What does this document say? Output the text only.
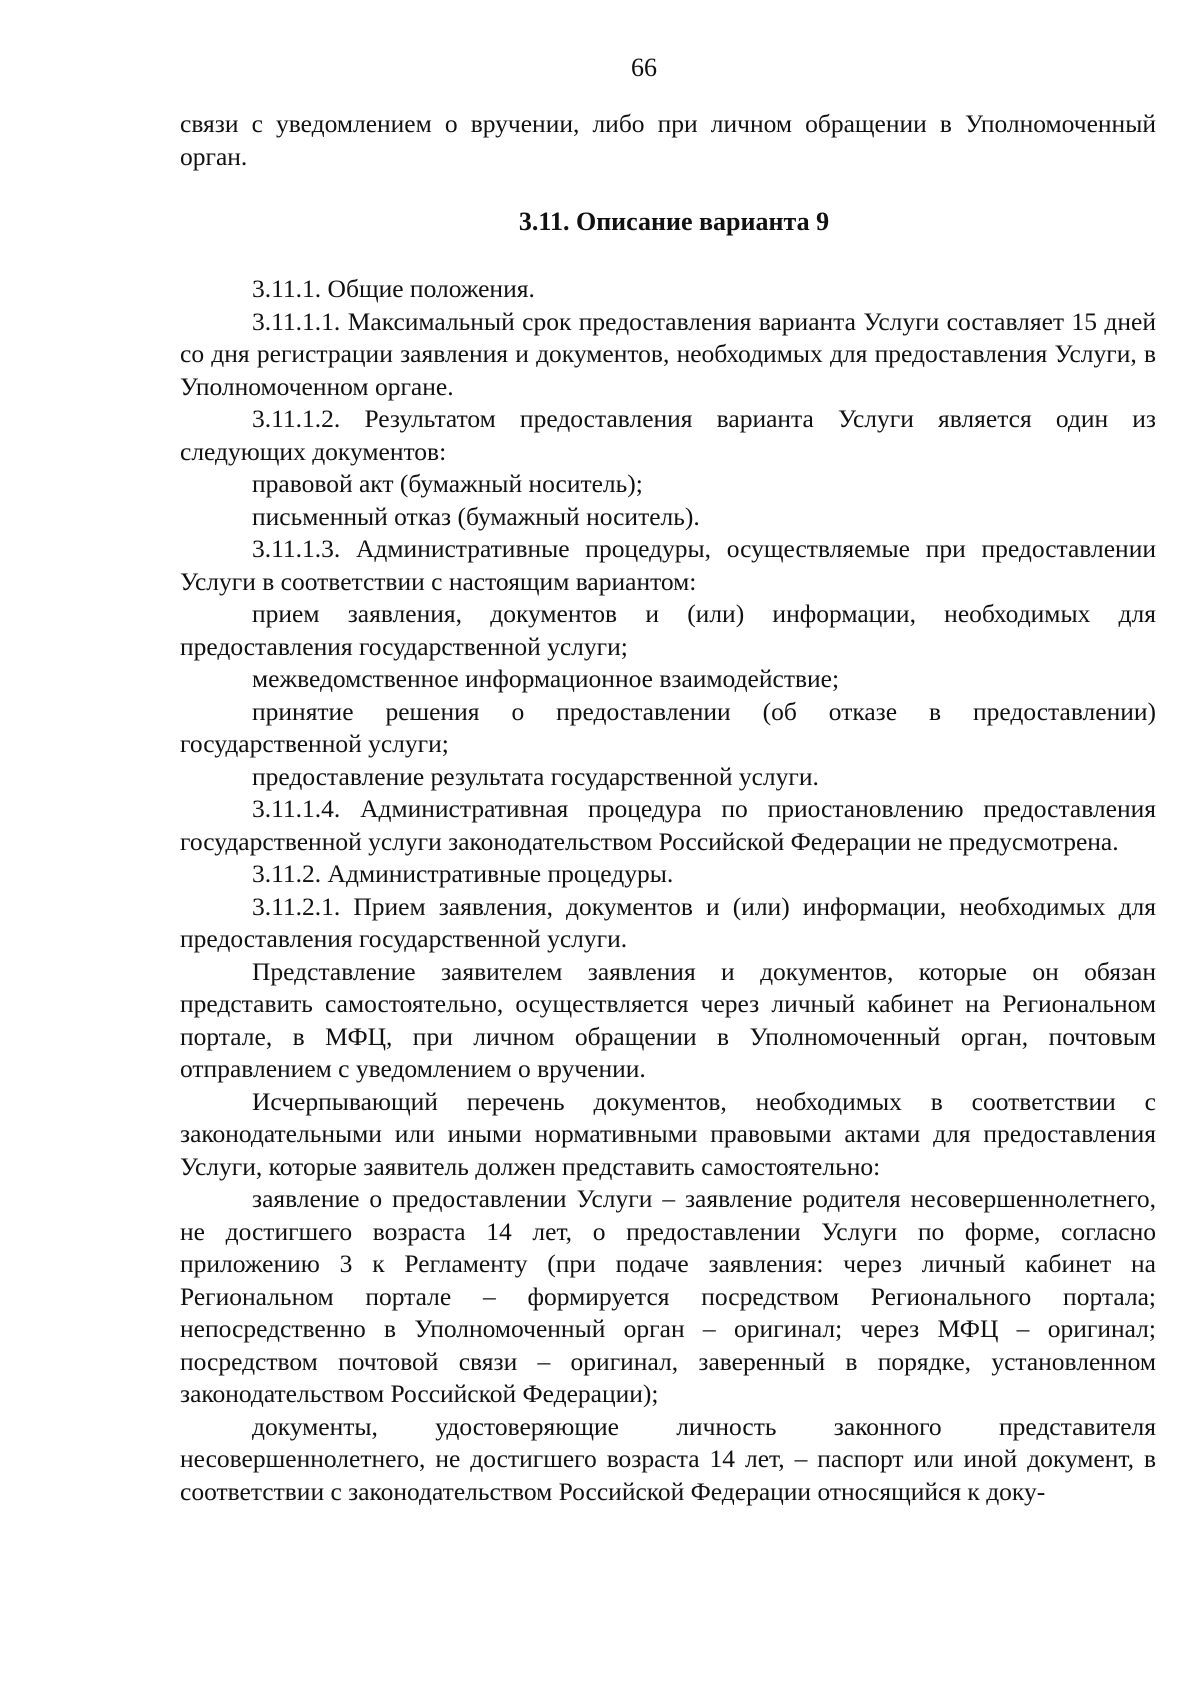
66

связи с уведомлением о вручении, либо при личном обращении в Уполномоченный орган.

3.11. Описание варианта 9

3.11.1. Общие положения.

3.11.1.1. Максимальный срок предоставления варианта Услуги составляет 15 дней со дня регистрации заявления и документов, необходимых для предоставления Услуги, в Уполномоченном органе.

3.11.1.2. Результатом предоставления варианта Услуги является один из следующих документов:

правовой акт (бумажный носитель);

письменный отказ (бумажный носитель).

3.11.1.3. Административные процедуры, осуществляемые при предоставлении Услуги в соответствии с настоящим вариантом:

прием заявления, документов и (или) информации, необходимых для предоставления государственной услуги;

межведомственное информационное взаимодействие;

принятие решения о предоставлении (об отказе в предоставлении) государственной услуги;

предоставление результата государственной услуги.

3.11.1.4. Административная процедура по приостановлению предоставления государственной услуги законодательством Российской Федерации не предусмотрена.

3.11.2. Административные процедуры.

3.11.2.1. Прием заявления, документов и (или) информации, необходимых для предоставления государственной услуги.

Представление заявителем заявления и документов, которые он обязан представить самостоятельно, осуществляется через личный кабинет на Региональном портале, в МФЦ, при личном обращении в Уполномоченный орган, почтовым отправлением с уведомлением о вручении.

Исчерпывающий перечень документов, необходимых в соответствии с законодательными или иными нормативными правовыми актами для предоставления Услуги, которые заявитель должен представить самостоятельно:

заявление о предоставлении Услуги – заявление родителя несовершеннолетнего, не достигшего возраста 14 лет, о предоставлении Услуги по форме, согласно приложению 3 к Регламенту (при подаче заявления: через личный кабинет на Региональном портале – формируется посредством Регионального портала; непосредственно в Уполномоченный орган – оригинал; через МФЦ – оригинал; посредством почтовой связи – оригинал, заверенный в порядке, установленном законодательством Российской Федерации);

документы, удостоверяющие личность законного представителя несовершеннолетнего, не достигшего возраста 14 лет, – паспорт или иной документ, в соответствии с законодательством Российской Федерации относящийся к доку-
